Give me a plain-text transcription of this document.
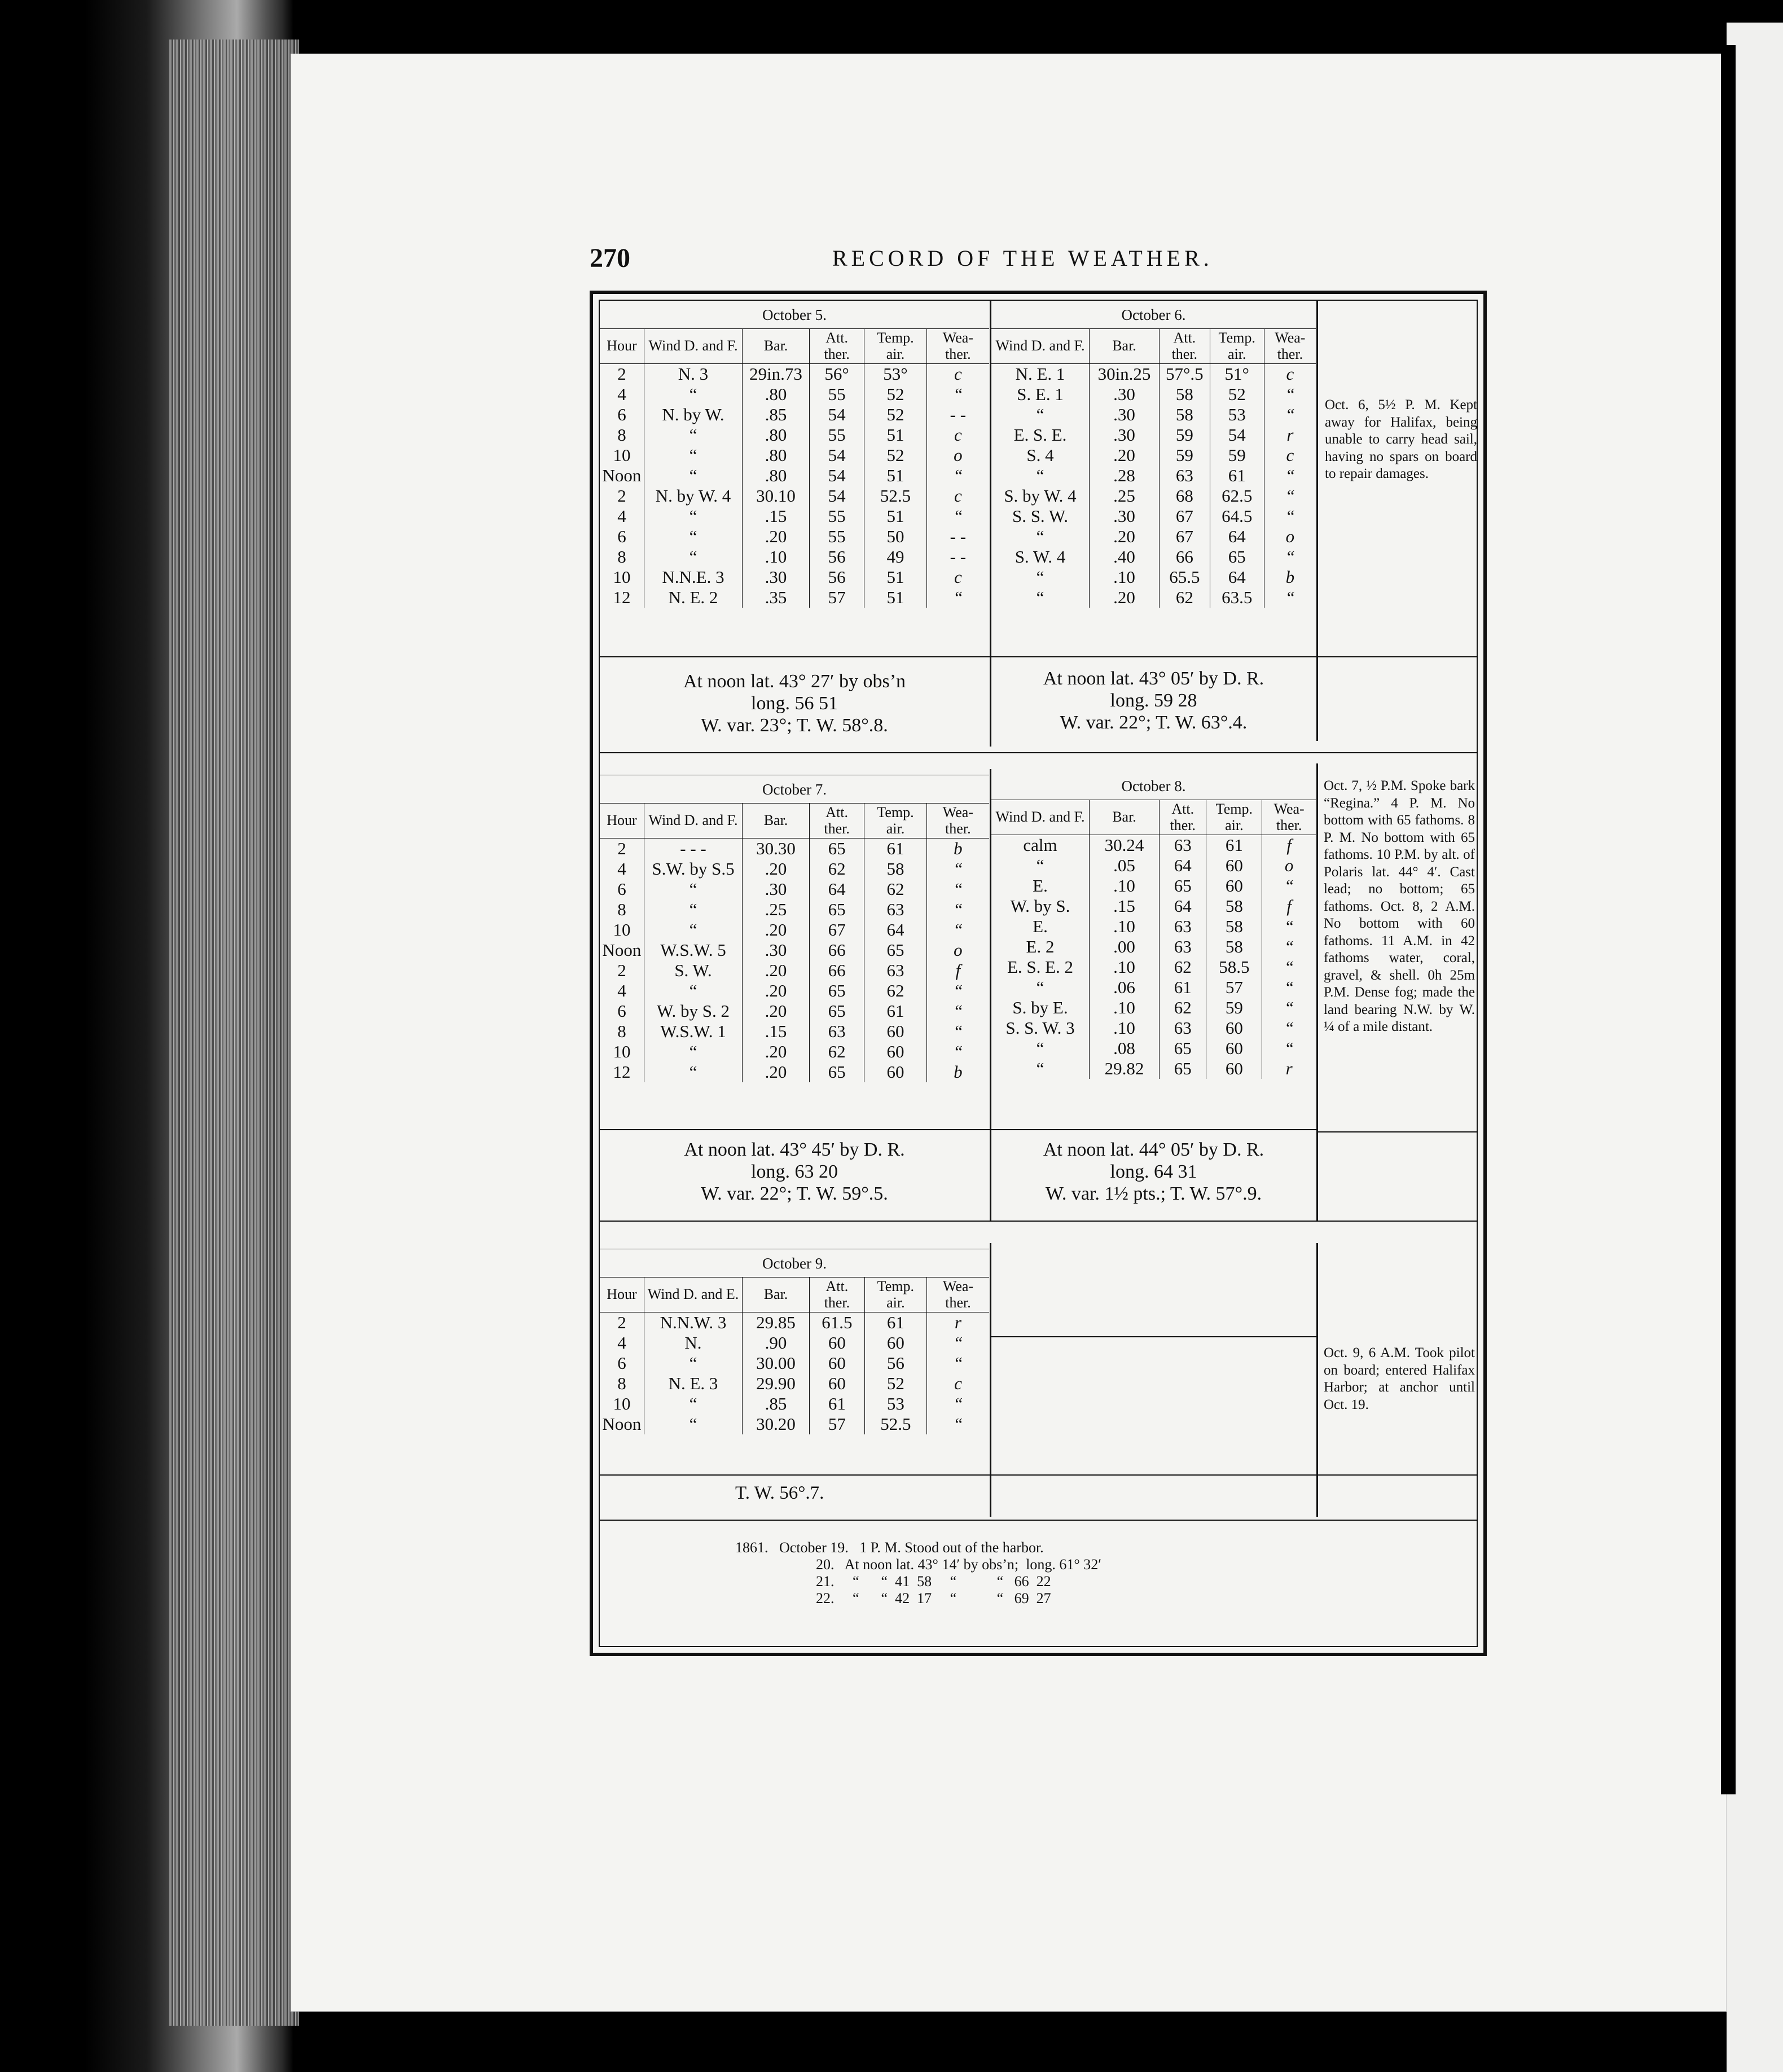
270	RECORD OF THE WEATHER.
October 5.
Hour	Wind D. and F.	Bar.	Att. ther.	Temp. air.	Wea- ther.
2	N. 3	29in.73	56°	53°	c
4	“	.80	55	52	“
6	N. by W.	.85	54	52	- -
8	“	.80	55	51	c
10	“	.80	54	52	o
Noon	“	.80	54	51	“
2	N. by W. 4	30.10	54	52.5	c
4	“	.15	55	51	“
6	“	.20	55	50	- -
8	“	.10	56	49	- -
10	N.N.E. 3	.30	56	51	c
12	N. E. 2	.35	57	51	“
October 6.
Wind D. and F.	Bar.	Att. ther.	Temp. air.	Wea- ther.
N. E. 1	30in.25	57°.5	51°	c
S. E. 1	.30	58	52	“
“	.30	58	53	“
E. S. E.	.30	59	54	r
S. 4	.20	59	59	c
“	.28	63	61	“
S. by W. 4	.25	68	62.5	“
S. S. W.	.30	67	64.5	“
“	.20	67	64	o
S. W. 4	.40	66	65	“
“	.10	65.5	64	b
“	.20	62	63.5	“
Oct. 6, 5½ P. M. Kept away for Halifax, being unable to carry head sail, having no spars on board to repair damages.
At noon lat. 43° 27′ by obs’n
long. 56 51
W. var. 23°; T. W. 58°.8.
At noon lat. 43° 05′ by D. R.
long. 59 28
W. var. 22°; T. W. 63°.4.
October 7.
Hour	Wind D. and F.	Bar.	Att. ther.	Temp. air.	Wea- ther.
2	- - -	30.30	65	61	b
4	S.W. by S.5	.20	62	58	“
6	“	.30	64	62	“
8	“	.25	65	63	“
10	“	.20	67	64	“
Noon	W.S.W. 5	.30	66	65	o
2	S. W.	.20	66	63	f
4	“	.20	65	62	“
6	W. by S. 2	.20	65	61	“
8	W.S.W. 1	.15	63	60	“
10	“	.20	62	60	“
12	“	.20	65	60	b
October 8.
Wind D. and F.	Bar.	Att. ther.	Temp. air.	Wea- ther.
calm	30.24	63	61	f
“	.05	64	60	o
E.	.10	65	60	“
W. by S.	.15	64	58	f
E.	.10	63	58	“
E. 2	.00	63	58	“
E. S. E. 2	.10	62	58.5	“
“	.06	61	57	“
S. by E.	.10	62	59	“
S. S. W. 3	.10	63	60	“
“	.08	65	60	“
“	29.82	65	60	r
Oct. 7, ½ P.M. Spoke bark “Regina.” 4 P. M. No bottom with 65 fathoms. 8 P. M. No bottom with 65 fathoms. 10 P.M. by alt. of Polaris lat. 44° 4′. Cast lead; no bottom; 65 fathoms. Oct. 8, 2 A.M. No bottom with 60 fathoms. 11 A.M. in 42 fathoms water, coral, gravel, & shell. 0h 25m P.M. Dense fog; made the land bearing N.W. by W. ¼ of a mile distant.
At noon lat. 43° 45′ by D. R.
long. 63 20
W. var. 22°; T. W. 59°.5.
At noon lat. 44° 05′ by D. R.
long. 64 31
W. var. 1½ pts.; T. W. 57°.9.
October 9.
Hour	Wind D. and E.	Bar.	Att. ther.	Temp. air.	Wea- ther.
2	N.N.W. 3	29.85	61.5	61	r
4	N.	.90	60	60	“
6	“	30.00	60	56	“
8	N. E. 3	29.90	60	52	c
10	“	.85	61	53	“
Noon	“	30.20	57	52.5	“
Oct. 9, 6 A.M. Took pilot on board; entered Halifax Harbor; at anchor until Oct. 19.
T. W. 56°.7.
1861.   October 19.   1 P. M. Stood out of the harbor.
20.   At noon lat. 43° 14′ by obs’n;  long. 61° 32′
21.     “      “  41  58     “           “   66  22
22.     “      “  42  17     “           “   69  27
